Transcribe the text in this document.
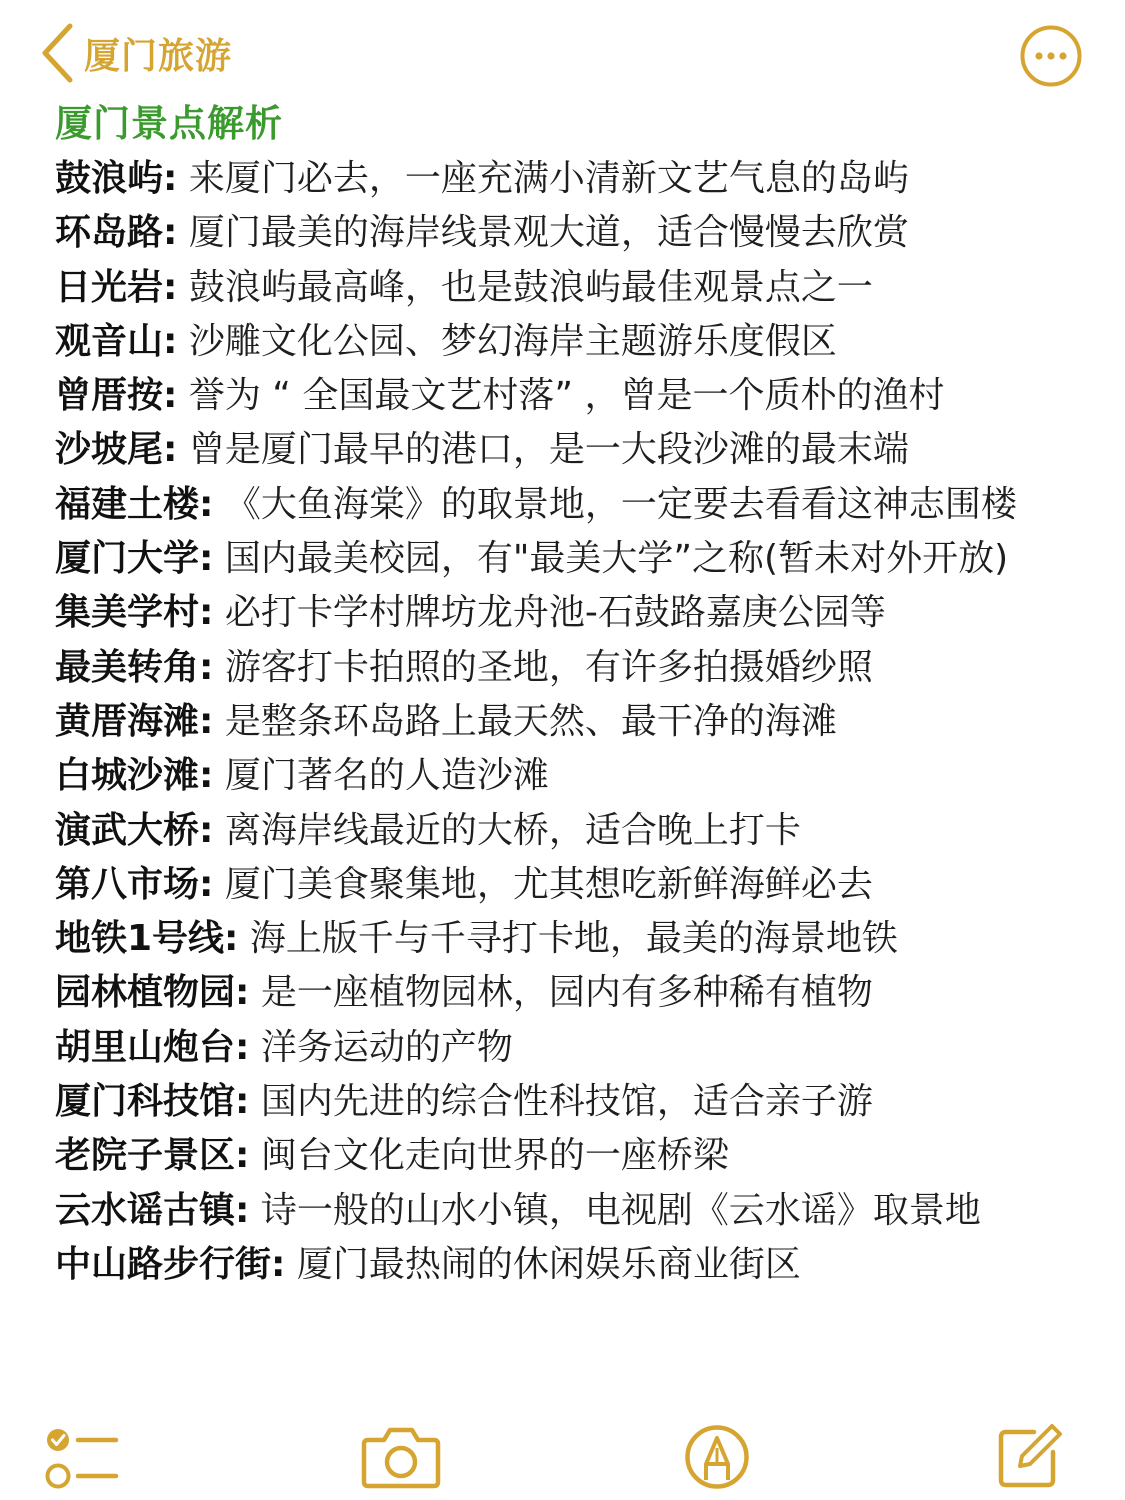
厦门旅游
厦门景点解析
鼓浪屿: 来厦门必去，一座充满小清新文艺气息的岛屿
环岛路: 厦门最美的海岸线景观大道，适合慢慢去欣赏
日光岩: 鼓浪屿最高峰，也是鼓浪屿最佳观景点之一
观音山: 沙雕文化公园、梦幻海岸主题游乐度假区
曾厝按: 誉为 “ 全国最文艺村落” ，曾是一个质朴的渔村
沙坡尾: 曾是厦门最早的港口，是一大段沙滩的最末端
福建土楼: 《大鱼海棠》的取景地，一定要去看看这神志围楼
厦门大学: 国内最美校园，有"最美大学”之称(暂未对外开放)
集美学村: 必打卡学村牌坊龙舟池-石鼓路嘉庚公园等
最美转角: 游客打卡拍照的圣地，有许多拍摄婚纱照
黄厝海滩: 是整条环岛路上最天然、最干净的海滩
白城沙滩: 厦门著名的人造沙滩
演武大桥: 离海岸线最近的大桥，适合晚上打卡
第八市场: 厦门美食聚集地，尤其想吃新鲜海鲜必去
地铁1号线: 海上版千与千寻打卡地，最美的海景地铁
园林植物园: 是一座植物园林，园内有多种稀有植物
胡里山炮台: 洋务运动的产物
厦门科技馆: 国内先进的综合性科技馆，适合亲子游
老院子景区: 闽台文化走向世界的一座桥梁
云水谣古镇: 诗一般的山水小镇，电视剧《云水谣》取景地
中山路步行街: 厦门最热闹的休闲娱乐商业街区
